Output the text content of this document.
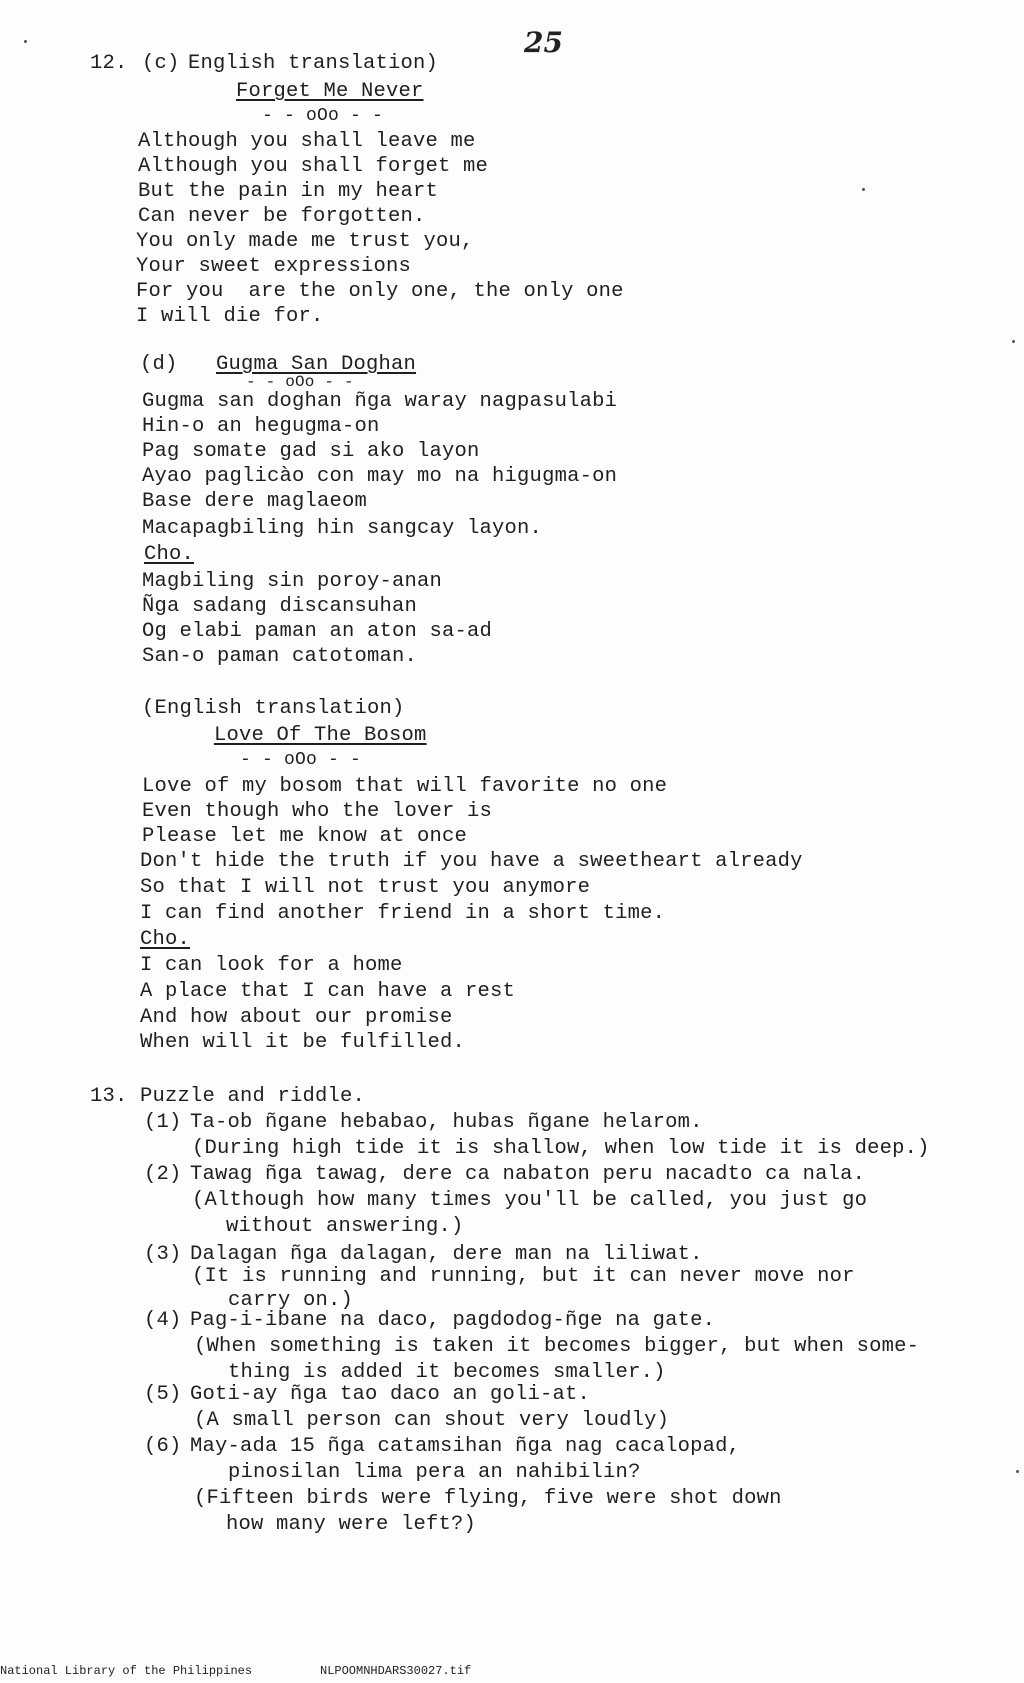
25
12. (c) English translation)
Forget Me Never
- - oOo - -
Although you shall leave me
Although you shall forget me
But the pain in my heart
Can never be forgotten.
You only made me trust you,
Your sweet expressions
For you  are the only one, the only one
I will die for.
(d) Gugma San Doghan
- - oOo - -
Gugma san doghan ñga waray nagpasulabi
Hin-o an hegugma-on
Pag somate gad si ako layon
Ayao paglicào con may mo na higugma-on
Base dere maglaeom
Macapagbiling hin sangcay layon.
Cho.
Magbiling sin poroy-anan
Ñga sadang discansuhan
Og elabi paman an aton sa-ad
San-o paman catotoman.
(English translation)
Love Of The Bosom
- - oOo - -
Love of my bosom that will favorite no one
Even though who the lover is
Please let me know at once
Don't hide the truth if you have a sweetheart already
So that I will not trust you anymore
I can find another friend in a short time.
Cho.
I can look for a home
A place that I can have a rest
And how about our promise
When will it be fulfilled.
13. Puzzle and riddle.
(1) Ta-ob ñgane hebabao, hubas ñgane helarom.
(During high tide it is shallow, when low tide it is deep.)
(2) Tawag ñga tawag, dere ca nabaton peru nacadto ca nala.
(Although how many times you'll be called, you just go
without answering.)
(3) Dalagan ñga dalagan, dere man na liliwat.
(It is running and running, but it can never move nor
carry on.)
(4) Pag-i-ibane na daco, pagdodog-ñge na gate.
(When something is taken it becomes bigger, but when some-
thing is added it becomes smaller.)
(5) Goti-ay ñga tao daco an goli-at.
(A small person can shout very loudly)
(6) May-ada 15 ñga catamsihan ñga nag cacalopad,
pinosilan lima pera an nahibilin?
(Fifteen birds were flying, five were shot down
how many were left?)
National Library of the Philippines	NLPOOMNHDARS30027.tif
